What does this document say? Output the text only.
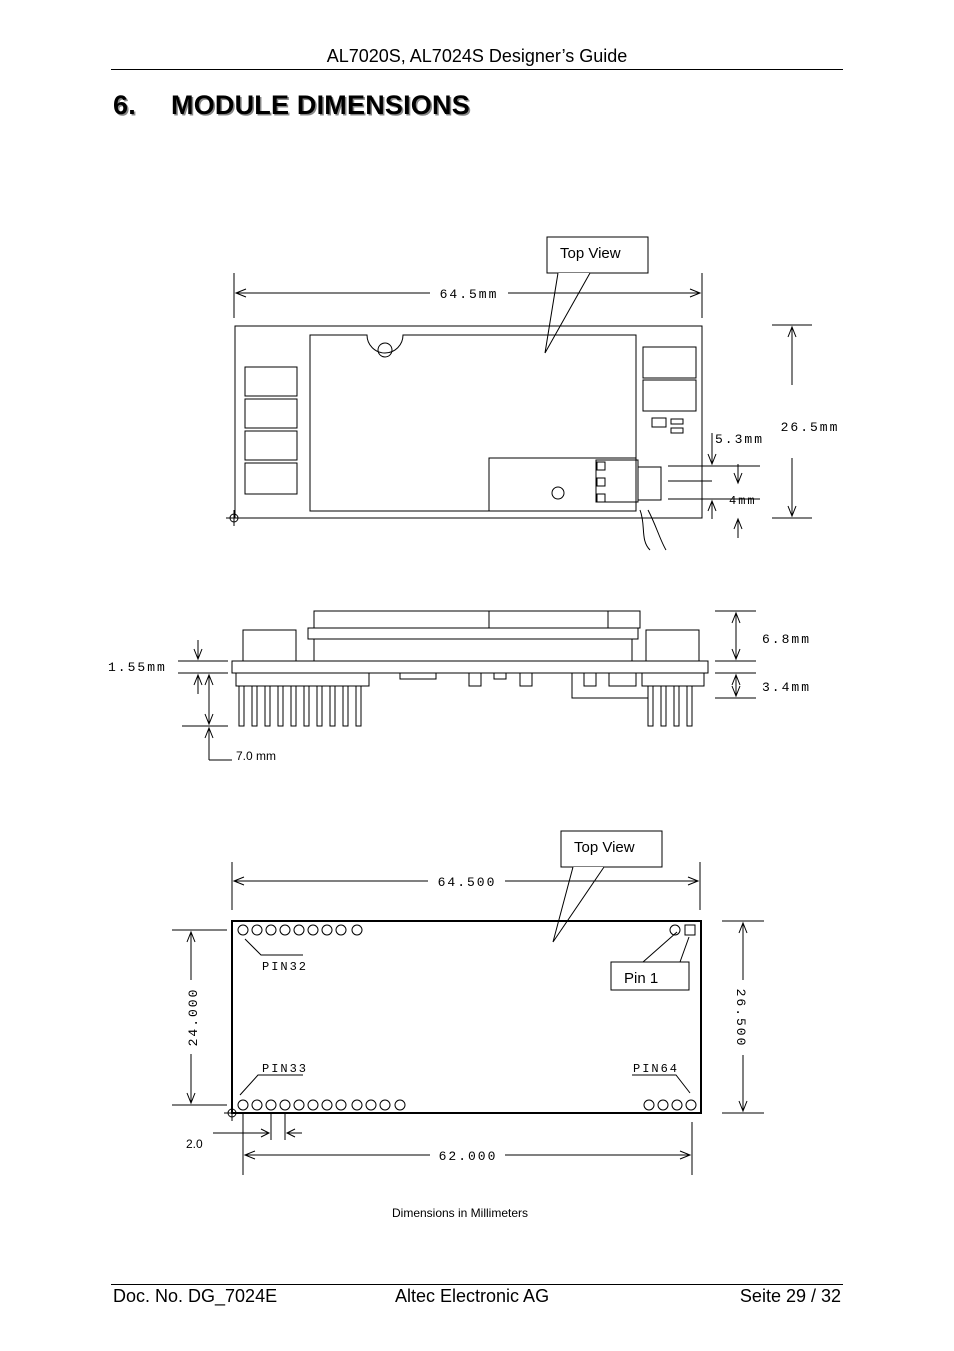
AL7020S, AL7024S Designer’s Guide
6. MODULE DIMENSIONS
Top View
64.5mm
26.5mm
5.3mm
4mm
1.55mm
6.8mm
3.4mm
7.0 mm
Top View
64.500
PIN32
PIN33	PIN64
Pin 1
24.000	26.500
2.0
62.000
Dimensions in Millimeters
Doc. No. DG_7024E	Altec Electronic AG	Seite 29 / 32
